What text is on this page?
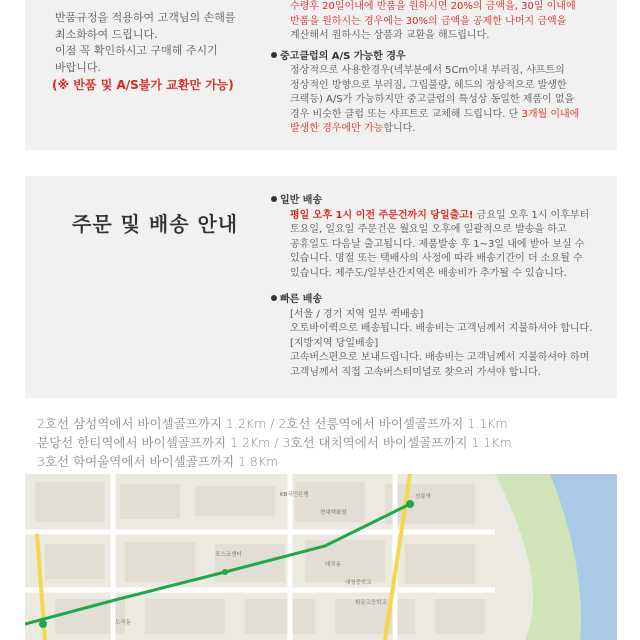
반품규정을 적용하여 고객님의 손해를

최소화하여 드립니다.

이점 꼭 확인하시고 구매해 주시기

바랍니다.

(※ 반품 및 A/S불가 교환만 가능)

수령후 20일이내에 반품을 원하시면 20%의 금액을, 30일 이내에

반품을 원하시는 경우에는 30%의 금액을 공제한 나머지 금액을

계산해서 원하시는 상품과 교환을 해드립니다.

중고클럽의 A/S 가능한 경우

정상적으로 사용한경우(넥부분에서 5Cm이내 부러짐, 샤프트의

정상적인 방향으로 부러짐, 그립불량, 헤드의 정상적으로 발생한

크랙등) A/S가 가능하지만 중고클럽의 특성상 동일한 제품이 없을

경우 비슷한 클럽 또는 샤프트로 교체해 드립니다. 단 3개월 이내에

발생한 경우에만 가능합니다.

주문 및 배송 안내

일반 배송

평일 오후 1시 이전 주문건까지 당일출고! 금요일 오후 1시 이후부터

토요일, 일요일 주문건은 월요일 오후에 일괄적으로 발송을 하고

공휴일도 다음날 출고됩니다. 제품발송 후 1~3일 내에 받아 보실 수

있습니다. 명절 또는 택배사의 사정에 따라 배송기간이 더 소요될 수

있습니다. 제주도/일부산간지역은 배송비가 추가될 수 있습니다.

빠른 배송

[서울 / 경기 지역 일부 퀵배송]

오토바이퀵으로 배송됩니다. 배송비는 고객님께서 지불하셔야 합니다.

[지방지역 당일배송]

고속버스편으로 보내드립니다. 배송비는 고객님께서 지불하셔야 하며

고객님께서 직접 고속버스터미널로 찾으러 가셔야 합니다.

2호선 삼성역에서 바이셀골프까지 1.2Km / 2호선 선릉역에서 바이셀골프까지 1.1Km

분당선 한티역에서 바이셀골프까지 1.2Km / 3호선 대치역에서 바이셀골프까지 1.1Km

3호선 학여울역에서 바이셀골프까지 1.8Km

KB국민은행
현대백화점
선릉역
포스코센터
대치동
휘문고등학교
대청중학교
도곡동
